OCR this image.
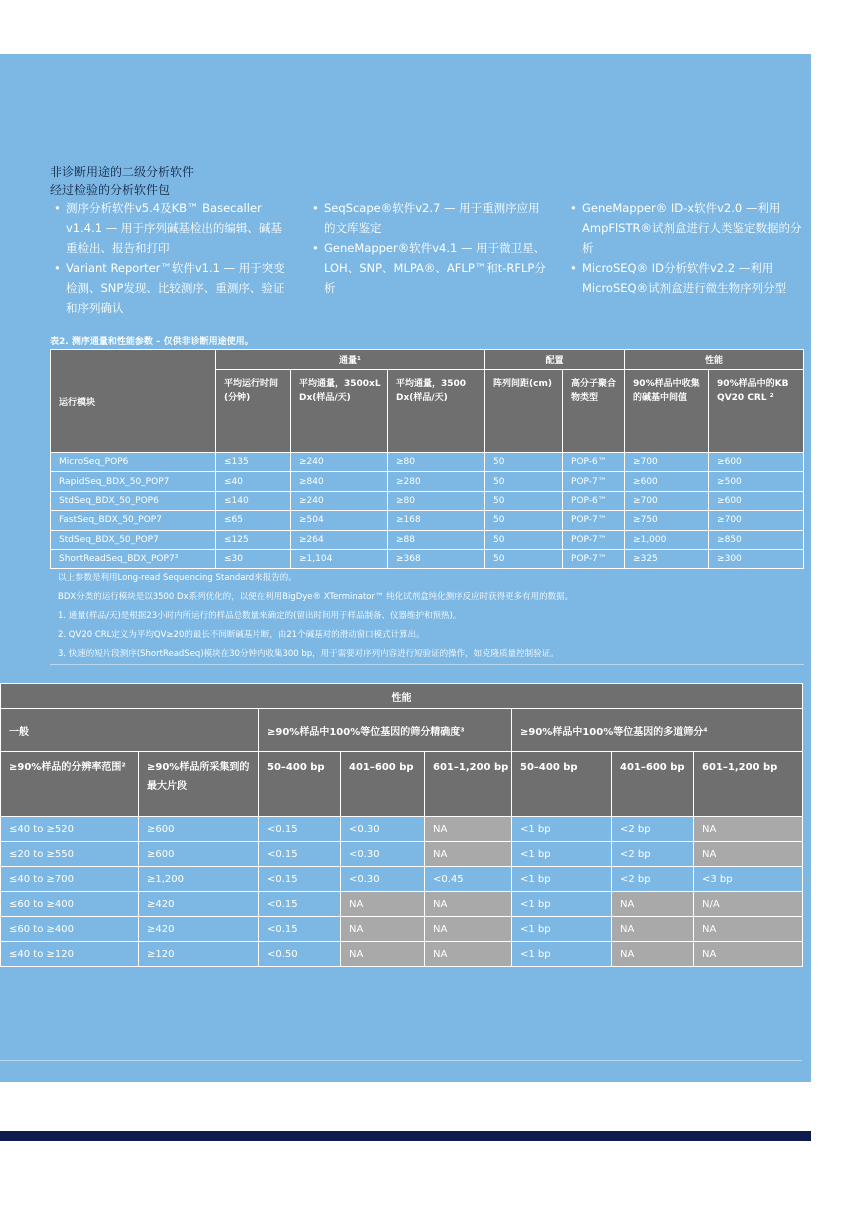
非诊断用途的二级分析软件
经过检验的分析软件包
• 测序分析软件v5.4及KB™ Basecaller v1.4.1 — 用于序列碱基检出的编辑、碱基重检出、报告和打印
• Variant Reporter™软件v1.1 — 用于突变检测、SNP发现、比较测序、重测序、验证和序列确认
• SeqScape®软件v2.7 — 用于重测序应用的文库鉴定
• GeneMapper®软件v4.1 — 用于微卫星、LOH、SNP、MLPA®、AFLP™和t-RFLP分析
• GeneMapper® ID-x软件v2.0 —利用AmpFlSTR®试剂盒进行人类鉴定数据的分析
• MicroSEQ® ID分析软件v2.2 —利用MicroSEQ®试剂盒进行微生物序列分型
表2. 测序通量和性能参数 – 仅供非诊断用途使用。
运行模块	通量¹			配置		性能	
	平均运行时间(分钟)	平均通量，3500xL Dx(样品/天)	平均通量，3500 Dx(样品/天)	阵列间距(cm)	高分子聚合物类型	90%样品中收集的碱基中间值	90%样品中的KB QV20 CRL ²
MicroSeq_POP6	≤135	≥240	≥80	50	POP-6™	≥700	≥600
RapidSeq_BDX_50_POP7	≤40	≥840	≥280	50	POP-7™	≥600	≥500
StdSeq_BDX_50_POP6	≤140	≥240	≥80	50	POP-6™	≥700	≥600
FastSeq_BDX_50_POP7	≤65	≥504	≥168	50	POP-7™	≥750	≥700
StdSeq_BDX_50_POP7	≤125	≥264	≥88	50	POP-7™	≥1,000	≥850
ShortReadSeq_BDX_POP7³	≤30	≥1,104	≥368	50	POP-7™	≥325	≥300
以上参数是利用Long-read Sequencing Standard来报告的。
BDX分类的运行模块是以3500 Dx系列优化的，以便在利用BigDye® XTerminator™ 纯化试剂盒纯化测序反应时获得更多有用的数据。
1. 通量(样品/天)是根据23小时内所运行的样品总数量来确定的(留出时间用于样品制备、仪器维护和预热)。
2. QV20 CRL定义为平均QV≥20的最长不间断碱基片断，由21个碱基对的滑动窗口模式计算出。
3. 快速的短片段测序(ShortReadSeq)模块在30分钟内收集300 bp，用于需要对序列内容进行短验证的操作，如克隆质量控制验证。
性能							
一般		≥90%样品中100%等位基因的筛分精确度³			≥90%样品中100%等位基因的多道筛分⁴		
≥90%样品的分辨率范围²	≥90%样品所采集到的最大片段	50–400 bp	401–600 bp	601–1,200 bp	50–400 bp	401–600 bp	601–1,200 bp
≤40 to ≥520	≥600	<0.15	<0.30	NA	<1 bp	<2 bp	NA
≤20 to ≥550	≥600	<0.15	<0.30	NA	<1 bp	<2 bp	NA
≤40 to ≥700	≥1,200	<0.15	<0.30	<0.45	<1 bp	<2 bp	<3 bp
≤60 to ≥400	≥420	<0.15	NA	NA	<1 bp	NA	N/A
≤60 to ≥400	≥420	<0.15	NA	NA	<1 bp	NA	NA
≤40 to ≥120	≥120	<0.50	NA	NA	<1 bp	NA	NA
